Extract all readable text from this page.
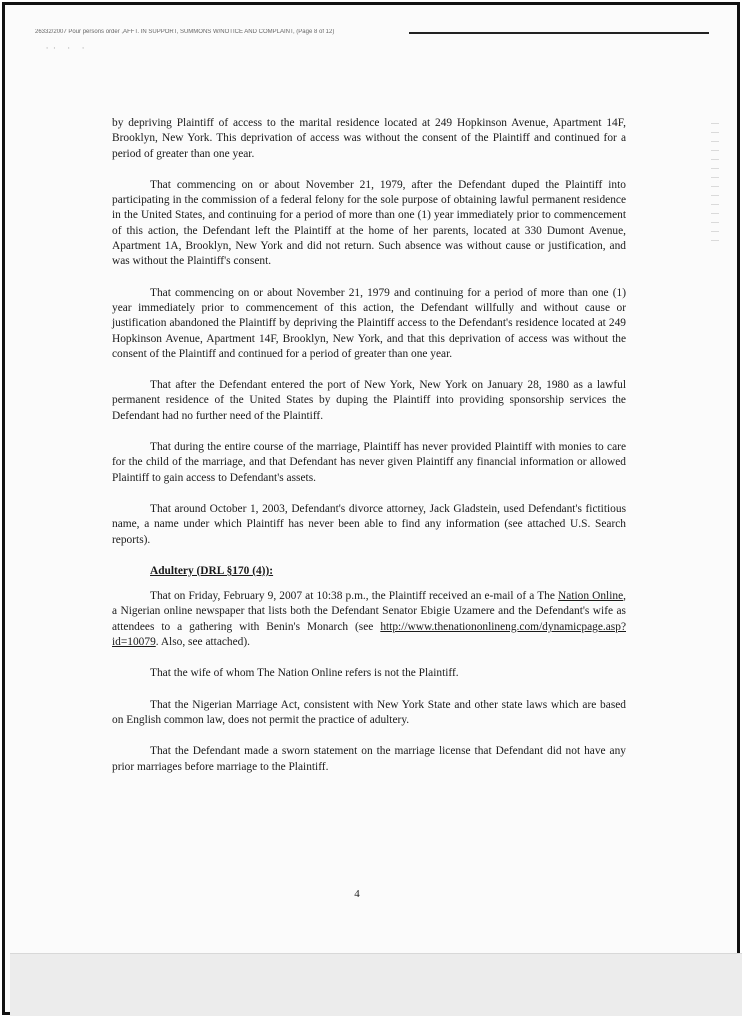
26332/2007 Pour persons order ,AFFT. IN SUPPORT, SUMMONS W/NOTICE AND COMPLAINT, (Page 8 of 12)
·· · ·

by depriving Plaintiff of access to the marital residence located at 249 Hopkinson Avenue, Apartment 14F, Brooklyn, New York. This deprivation of access was without the consent of the Plaintiff and continued for a period of greater than one year.

That commencing on or about November 21, 1979, after the Defendant duped the Plaintiff into participating in the commission of a federal felony for the sole purpose of obtaining lawful permanent residence in the United States, and continuing for a period of more than one (1) year immediately prior to commencement of this action, the Defendant left the Plaintiff at the home of her parents, located at 330 Dumont Avenue, Apartment 1A, Brooklyn, New York and did not return. Such absence was without cause or justification, and was without the Plaintiff's consent.

That commencing on or about November 21, 1979 and continuing for a period of more than one (1) year immediately prior to commencement of this action, the Defendant willfully and without cause or justification abandoned the Plaintiff by depriving the Plaintiff access to the Defendant's residence located at 249 Hopkinson Avenue, Apartment 14F, Brooklyn, New York, and that this deprivation of access was without the consent of the Plaintiff and continued for a period of greater than one year.

That after the Defendant entered the port of New York, New York on January 28, 1980 as a lawful permanent residence of the United States by duping the Plaintiff into providing sponsorship services the Defendant had no further need of the Plaintiff.

That during the entire course of the marriage, Plaintiff has never provided Plaintiff with monies to care for the child of the marriage, and that Defendant has never given Plaintiff any financial information or allowed Plaintiff to gain access to Defendant's assets.

That around October 1, 2003, Defendant's divorce attorney, Jack Gladstein, used Defendant's fictitious name, a name under which Plaintiff has never been able to find any information (see attached U.S. Search reports).

Adultery (DRL §170 (4)):

That on Friday, February 9, 2007 at 10:38 p.m., the Plaintiff received an e-mail of a The Nation Online, a Nigerian online newspaper that lists both the Defendant Senator Ebigie Uzamere and the Defendant's wife as attendees to a gathering with Benin's Monarch (see http://www.thenationonlineng.com/dynamicpage.asp?id=10079. Also, see attached).

That the wife of whom The Nation Online refers is not the Plaintiff.

That the Nigerian Marriage Act, consistent with New York State and other state laws which are based on English common law, does not permit the practice of adultery.

That the Defendant made a sworn statement on the marriage license that Defendant did not have any prior marriages before marriage to the Plaintiff.

4
